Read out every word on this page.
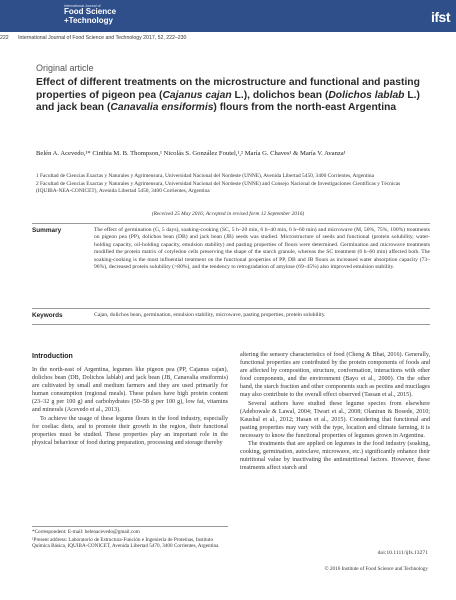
International Journal of
Food Science
+Technology	ifst
222 International Journal of Food Science and Technology 2017, 52, 222–230
Original article
Effect of different treatments on the microstructure and functional and pasting properties of pigeon pea (Cajanus cajan L.), dolichos bean (Dolichos lablab L.) and jack bean (Canavalia ensiformis) flours from the north-east Argentina
Belén A. Acevedo,¹* Cinthia M. B. Thompson,¹ Nicolás S. González Foutel,¹,² María G. Chaves¹ & María V. Avanza¹

1 Facultad de Ciencias Exactas y Naturales y Agrimensura, Universidad Nacional del Nordeste (UNNE), Avenida Libertad 5450, 3400 Corrientes, Argentina

2 Facultad de Ciencias Exactas y Naturales y Agrimensura, Universidad Nacional del Nordeste (UNNE) and Consejo Nacional de Investigaciones Científicas y Técnicas (IQUIBA-NEA-CONICET), Avenida Libertad 5450, 3400 Corrientes, Argentina

(Received 25 May 2016; Accepted in revised form 12 September 2016)
Summary	The effect of germination (G, 5 days), soaking-cooking (SC, 5 h–20 min, 6 h–40 min, 6 h–60 min) and microwave (M, 50%, 75%, 100%) treatments on pigeon pea (PP), dolichos bean (DB) and jack bean (JB) seeds was studied. Microstructure of seeds and functional (protein solubility, water-holding capacity, oil-holding capacity, emulsion stability) and pasting properties of flours were determined. Germination and microwave treatments modified the protein matrix of cotyledon cells preserving the shape of the starch granule, whereas the SC treatment (6 h–60 min) affected both. The soaking-cooking is the most influential treatment on the functional properties of PP, DB and JB flours as increased water absorption capacity (73–96%), decreased protein solubility (>80%), and the tendency to retrogradation of amylose (69–45%) also improved emulsion stability.
Keywords	Cajan, dolichos bean, germination, emulsion stability, microwave, pasting properties, protein solubility.
Introduction

In the north-east of Argentina, legumes like pigeon pea (PP, Cajanus cajan), dolichos bean (DB, Dolichos lablab) and jack bean (JB, Canavalia ensiformis) are cultivated by small and medium farmers and they are used primarily for human consumption (regional meals). These pulses have high protein content (23–32 g per 100 g) and carbohydrates (50–58 g per 100 g), low fat, vitamins and minerals (Acevedo et al., 2013).

To achieve the usage of these legume flours in the food industry, especially for coeliac diets, and to promote their growth in the region, their functional properties must be studied. These properties play an important role in the physical behaviour of food during preparation, processing and storage thereby

altering the sensory characteristics of food (Cheng & Bhat, 2016). Generally, functional properties are contributed by the protein components of foods and are affected by composition, structure, conformation, interactions with other food components, and the environment (Bayo et al., 2000). On the other hand, the starch fraction and other components such as pectins and mucilages may also contribute to the overall effect observed (Tassan et al., 2015).

Several authors have studied these legume species from elsewhere (Adebowale & Lawal, 2004; Tiwari et al., 2008; Olaniran & Bosede, 2010; Kaushal et al., 2012; Hasan et al., 2015). Considering that functional and pasting properties may vary with the type, location and climate farming, it is necessary to know the functional properties of legumes grown in Argentina.

The treatments that are applied on legumes in the food industry (soaking, cooking, germination, autoclave, microwave, etc.) significantly enhance their nutritional value by inactivating the antinutritional factors. However, these treatments affect starch and

*Correspondent: E-mail: belenacevedo@gmail.com

¹Present address: Laboratorio de Estructura-Función e Ingeniería de Proteínas, Instituto Química Básica, IQUIBA-CONICET, Avenida Libertad 5470, 3400 Corrientes, Argentina

doi:10.1111/ijfs.13271
© 2016 Institute of Food Science and Technology
